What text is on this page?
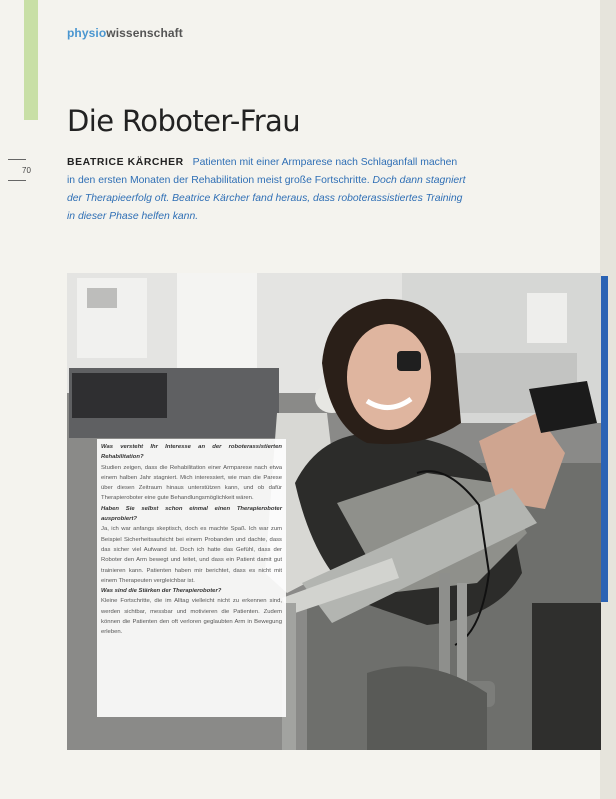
physiowissenschaft
Die Roboter-Frau
70
BEATRICE KÄRCHER Patienten mit einer Armparese nach Schlaganfall machen in den ersten Monaten der Rehabilitation meist große Fortschritte. Doch dann stagniert der Therapieerfolg oft. Beatrice Kärcher fand heraus, dass roboterassistiertes Training in dieser Phase helfen kann.

Was versteht Ihr Interesse an der roboterassistierten Rehabilitation?

Studien zeigen, dass die Rehabilitation einer Armparese nach etwa einem halben Jahr stagniert. Mich interessiert, wie man die Parese über diesen Zeitraum hinaus unterstützen kann, und ob dafür Therapieroboter eine gute Behandlungsmöglichkeit wären.

Haben Sie selbst schon einmal einen Therapieroboter ausprobiert?

Ja, ich war anfangs skeptisch, doch es machte Spaß. Ich war zum Beispiel Sicherheitsaufsicht bei einem Probanden und dachte, dass das sicher viel Aufwand ist. Doch ich hatte das Gefühl, dass der Roboter den Arm bewegt und leitet, und dass ein Patient damit gut trainieren kann. Patienten haben mir berichtet, dass es nicht mit einem Therapeuten vergleichbar ist.

Was sind die Stärken der Therapieroboter?

Kleine Fortschritte, die im Alltag vielleicht nicht zu erkennen sind, werden sichtbar, messbar und motivieren die Patienten. Zudem können die Patienten den oft verloren geglaubten Arm in Bewegung erleben.
